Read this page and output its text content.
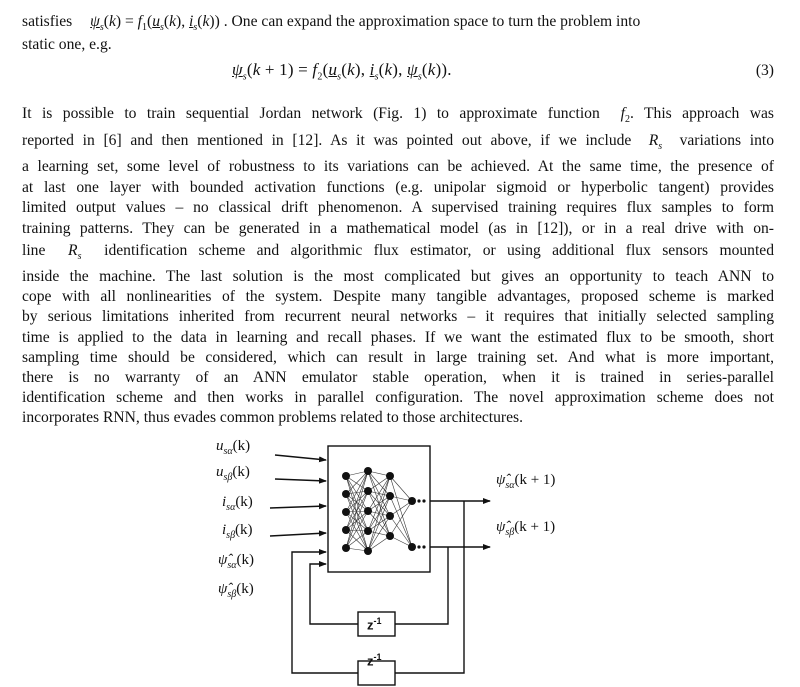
satisfies $\psi_s(k) = f_1(u_s(k)$, $i_s(k)$) . One can expand the approximation space to turn the problem into
static one, e.g.
$\psi_s(k + 1) = f_2(u_s(k)$, $i_s(k)$, $\psi_s(k)$).	(3)
It is possible to train sequential Jordan network (Fig. 1) to approximate function $f_2$. This approach was
reported in [6] and then mentioned in [12]. As it was pointed out above, if we include $R_s$ variations into
a learning set, some level of robustness to its variations can be achieved. At the same time, the presence of
at last one layer with bounded activation functions (e.g. unipolar sigmoid or hyperbolic tangent) provides
limited output values – no classical drift phenomenon. A supervised training requires flux samples to form
training patterns. They can be generated in a mathematical model (as in [12]), or in a real drive with on-
line $R_s$ identification scheme and algorithmic flux estimator, or using additional flux sensors mounted
inside the machine. The last solution is the most complicated but gives an opportunity to teach ANN to
cope with all nonlinearities of the system. Despite many tangible advantages, proposed scheme is marked
by serious limitations inherited from recurrent neural networks – it requires that initially selected sampling
time is applied to the data in learning and recall phases. If we want the estimated flux to be smooth, short
sampling time should be considered, which can result in large training set. And what is more important,
there is no warranty of an ANN emulator stable operation, when it is trained in series-parallel
identification scheme and then works in parallel configuration. The novel approximation scheme does not
incorporates RNN, thus evades common problems related to those architectures.
$u_{s\alpha}(k)$
$u_{s\beta}(k)$
$i_{s\alpha}(k)$
$i_{s\beta}(k)$
$\psî_{s\alpha}(k)$
$\psî_{s\beta}(k)$
$\psî_{s\alpha}(k + 1)$
$\psî_{s\beta}(k + 1)$
$z^{-1}$
$z^{-1}$
